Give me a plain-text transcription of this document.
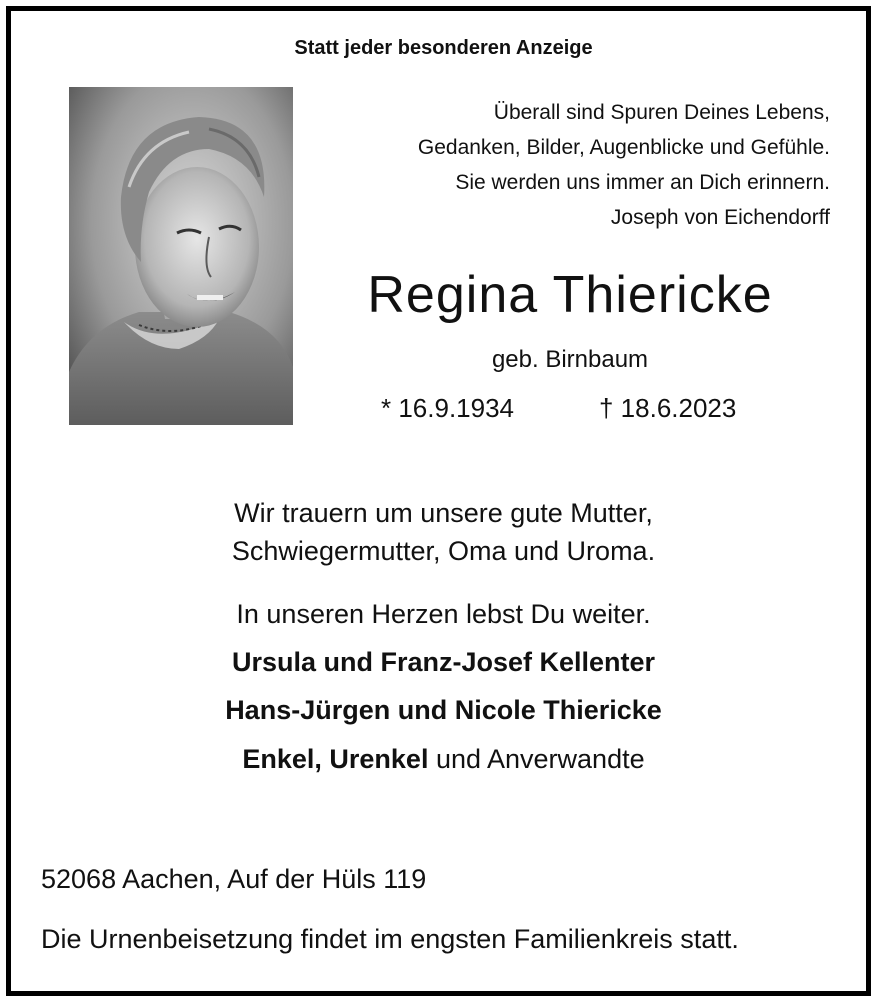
Statt jeder besonderen Anzeige
Überall sind Spuren Deines Lebens,
Gedanken, Bilder, Augenblicke und Gefühle.
Sie werden uns immer an Dich erinnern.
Joseph von Eichendorff
Regina Thiericke
geb. Birnbaum
* 16.9.1934	† 18.6.2023
Wir trauern um unsere gute Mutter,
Schwiegermutter, Oma und Uroma.
In unseren Herzen lebst Du weiter.
Ursula und Franz-Josef Kellenter
Hans-Jürgen und Nicole Thiericke
Enkel, Urenkel und Anverwandte
52068 Aachen, Auf der Hüls 119
Die Urnenbeisetzung findet im engsten Familienkreis statt.
